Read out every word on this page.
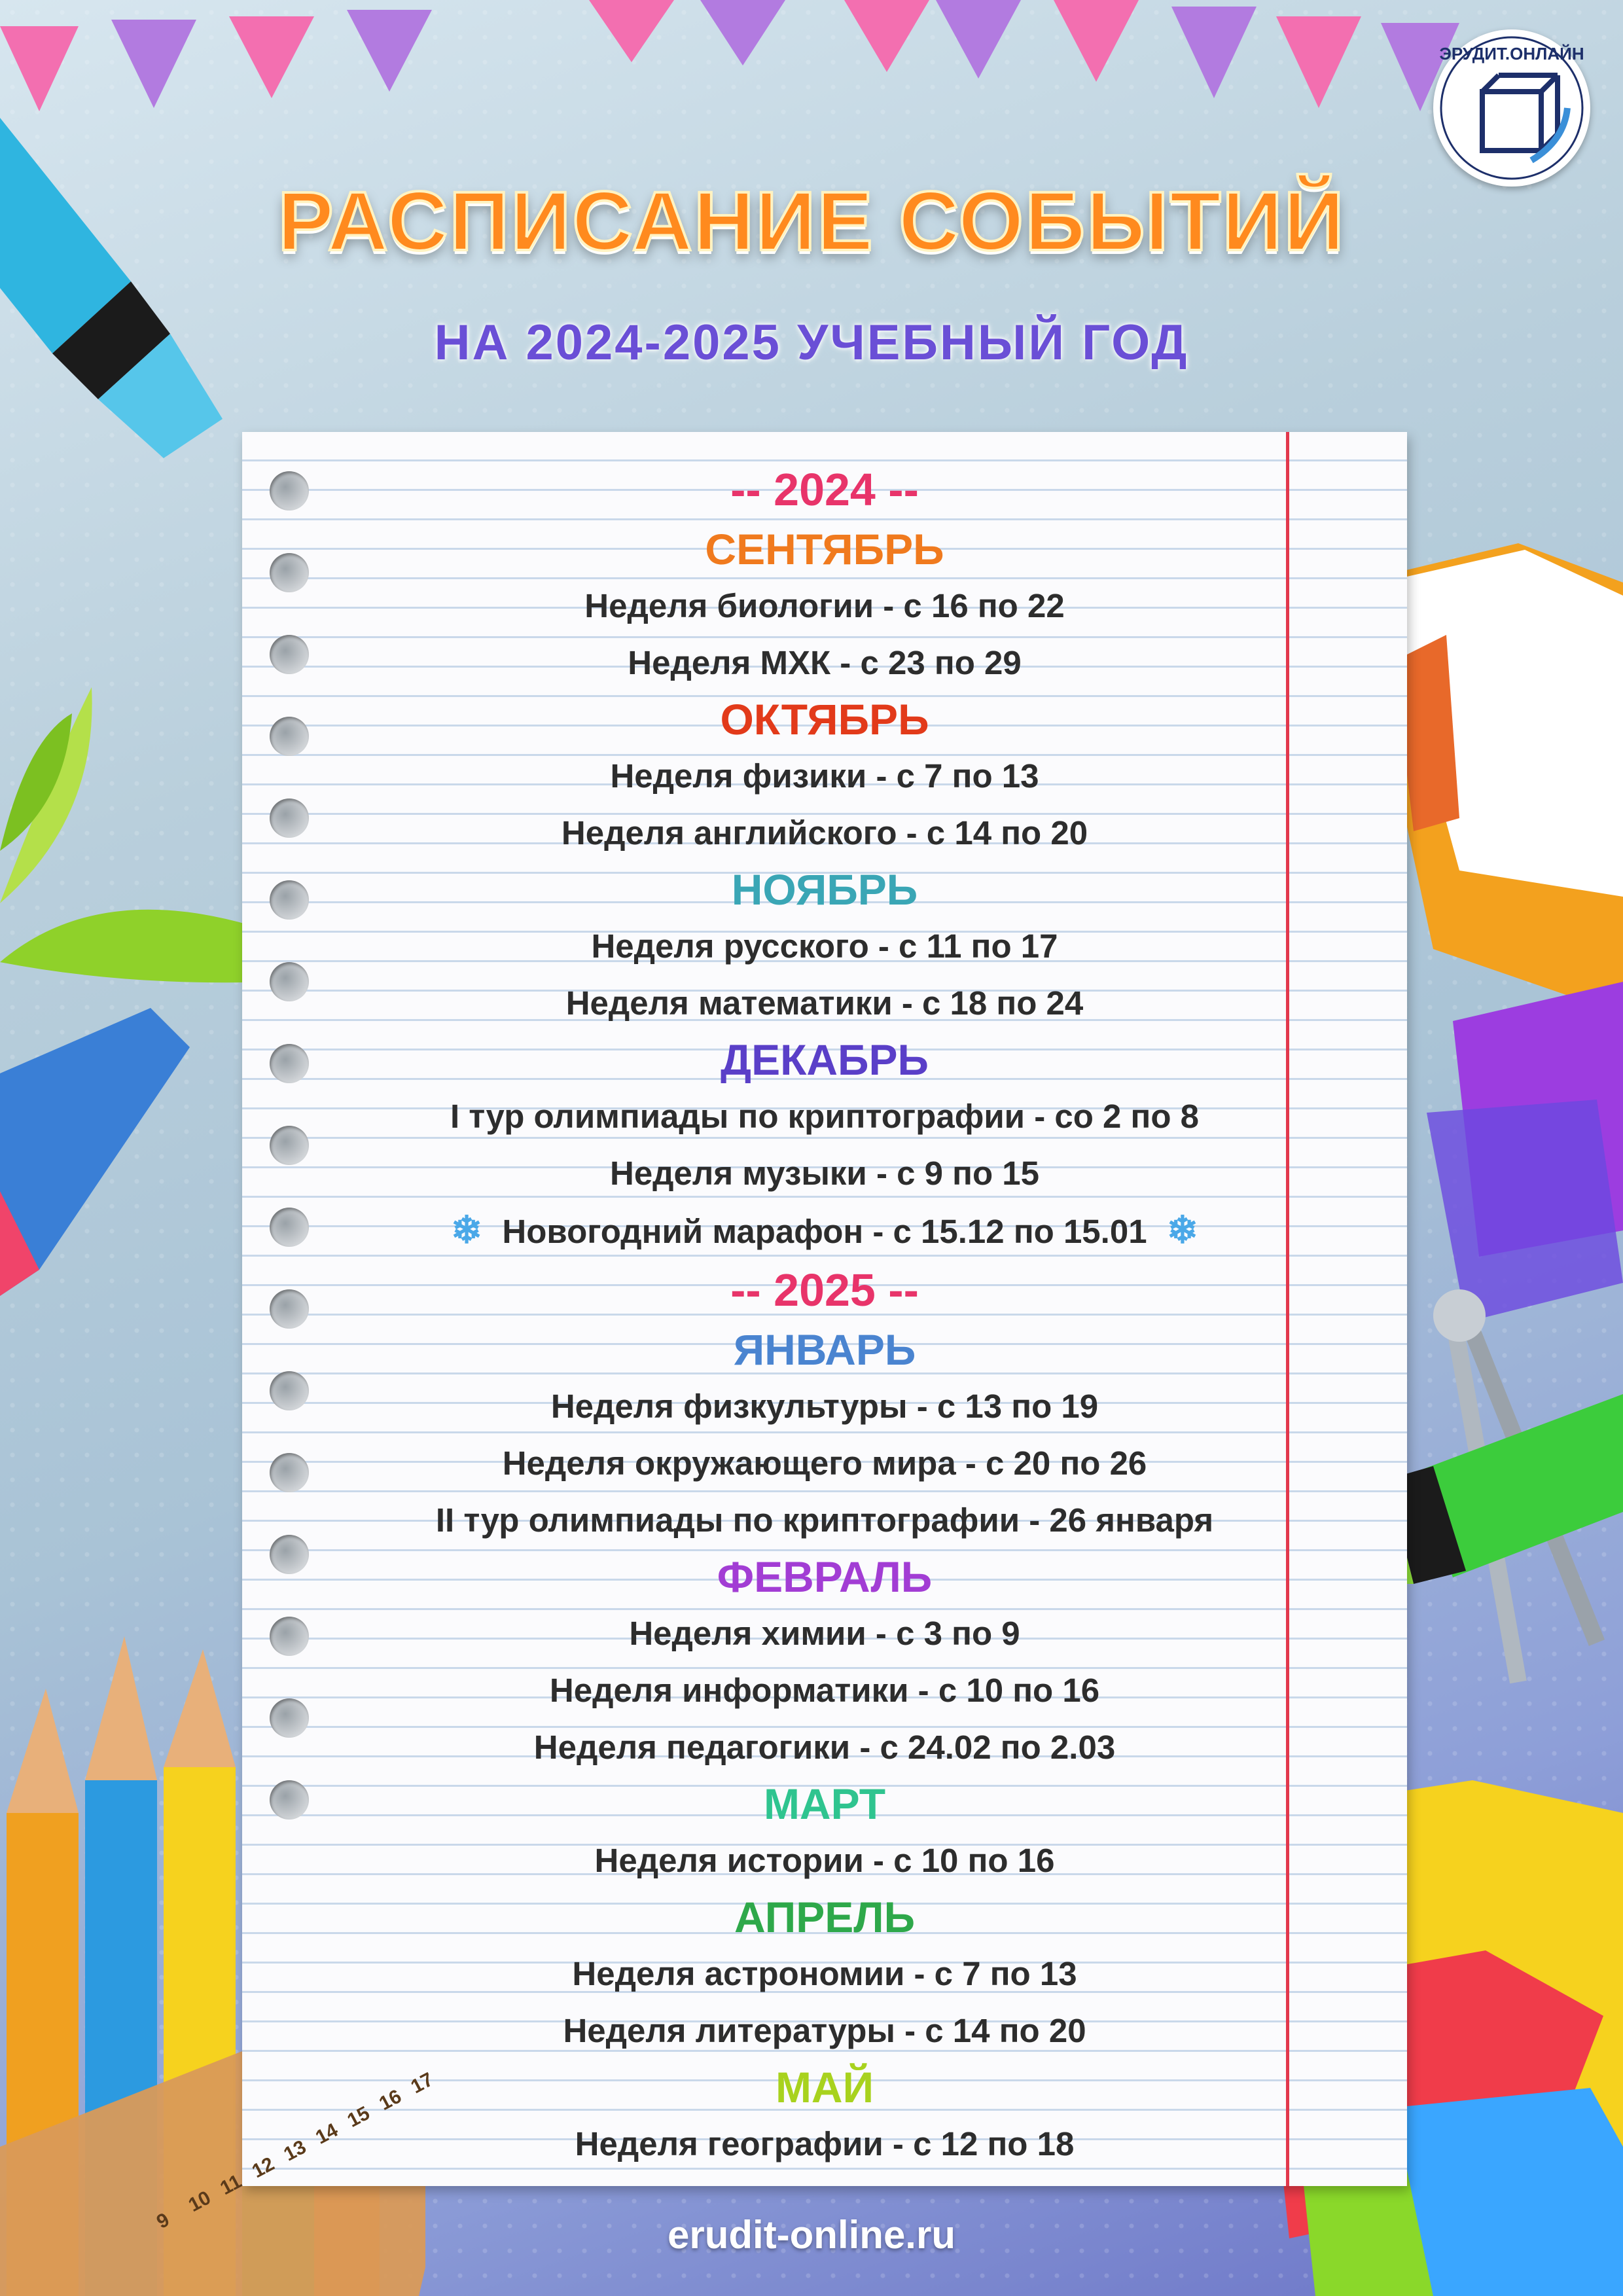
ЭРУДИТ.ОНЛАЙН
РАСПИСАНИЕ СОБЫТИЙ
НА 2024-2025 УЧЕБНЫЙ ГОД
-- 2024 --
СЕНТЯБРЬ
Неделя биологии - с 16 по 22
Неделя МХК - с 23 по 29
ОКТЯБРЬ
Неделя физики - с 7 по 13
Неделя английского - с 14 по 20
НОЯБРЬ
Неделя русского - с 11 по 17
Неделя математики - с 18 по 24
ДЕКАБРЬ
I тур олимпиады по криптографии - со 2 по 8
Неделя музыки - с 9 по 15
❄ Новогодний марафон - с 15.12 по 15.01 ❄
-- 2025 --
ЯНВАРЬ
Неделя физкультуры - с 13 по 19
Неделя окружающего мира - с 20 по 26
II тур олимпиады по криптографии - 26 января
ФЕВРАЛЬ
Неделя химии - с 3 по 9
Неделя информатики - с 10 по 16
Неделя педагогики - с 24.02 по 2.03
МАРТ
Неделя истории - с 10 по 16
АПРЕЛЬ
Неделя астрономии - с 7 по 13
Неделя литературы - с 14 по 20
МАЙ
Неделя географии - с 12 по 18
9
10
11
12
13
14
15
16
17
erudit-online.ru
